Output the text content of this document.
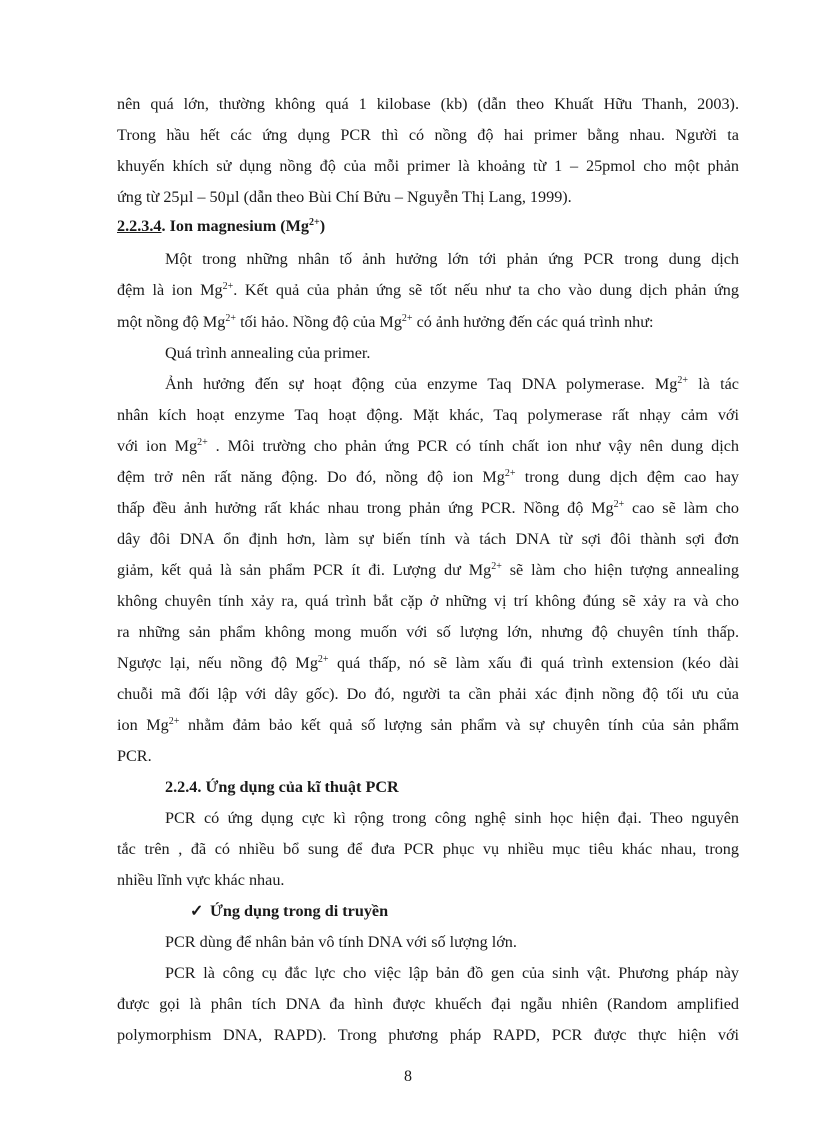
nên quá lớn, thường không quá 1 kilobase (kb) (dẫn theo Khuất Hữu Thanh, 2003).
Trong hầu hết các ứng dụng PCR thì có nồng độ hai primer bằng nhau. Người ta
khuyến khích sử dụng nồng độ của mỗi primer là khoảng từ 1 – 25pmol cho một phản
ứng từ 25µl – 50µl (dẫn theo Bùi Chí Bửu – Nguyễn Thị Lang, 1999).
2.2.3.4. Ion magnesium $(Mg^{2+})$
Một trong những nhân tố ảnh hưởng lớn tới phản ứng PCR trong dung dịch
đệm là ion $Mg^{2+}$. Kết quả của phản ứng sẽ tốt nếu như ta cho vào dung dịch phản ứng
một nồng độ $Mg^{2+}$ tối hảo. Nồng độ của $Mg^{2+}$ có ảnh hưởng đến các quá trình như:
Quá trình annealing của primer.
Ảnh hưởng đến sự hoạt động của enzyme Taq DNA polymerase. $Mg^{2+}$ là tác
nhân kích hoạt enzyme Taq hoạt động. Mặt khác, Taq polymerase rất nhạy cảm với
với ion $Mg^{2+}$ . Môi trường cho phản ứng PCR có tính chất ion như vậy nên dung dịch
đệm trở nên rất năng động. Do đó, nồng độ ion $Mg^{2+}$ trong dung dịch đệm cao hay
thấp đều ảnh hưởng rất khác nhau trong phản ứng PCR. Nồng độ $Mg^{2+}$ cao sẽ làm cho
dây đôi DNA ổn định hơn, làm sự biến tính và tách DNA từ sợi đôi thành sợi đơn
giảm, kết quả là sản phẩm PCR ít đi. Lượng dư $Mg^{2+}$ sẽ làm cho hiện tượng annealing
không chuyên tính xảy ra, quá trình bắt cặp ở những vị trí không đúng sẽ xảy ra và cho
ra những sản phẩm không mong muốn với số lượng lớn, nhưng độ chuyên tính thấp.
Ngược lại, nếu nồng độ $Mg^{2+}$ quá thấp, nó sẽ làm xấu đi quá trình extension (kéo dài
chuỗi mã đối lập với dây gốc). Do đó, người ta cần phải xác định nồng độ tối ưu của
ion $Mg^{2+}$ nhằm đảm bảo kết quả số lượng sản phẩm và sự chuyên tính của sản phẩm
PCR.
2.2.4. Ứng dụng của kĩ thuật PCR
PCR có ứng dụng cực kì rộng trong công nghệ sinh học hiện đại. Theo nguyên
tắc trên , đã có nhiều bổ sung để đưa PCR phục vụ nhiều mục tiêu khác nhau, trong
nhiều lĩnh vực khác nhau.
✓ Ứng dụng trong di truyền
PCR dùng để nhân bản vô tính DNA với số lượng lớn.
PCR là công cụ đắc lực cho việc lập bản đồ gen của sinh vật. Phương pháp này
được gọi là phân tích DNA đa hình được khuếch đại ngẫu nhiên (Random amplified
polymorphism DNA, RAPD). Trong phương pháp RAPD, PCR được thực hiện với
8
